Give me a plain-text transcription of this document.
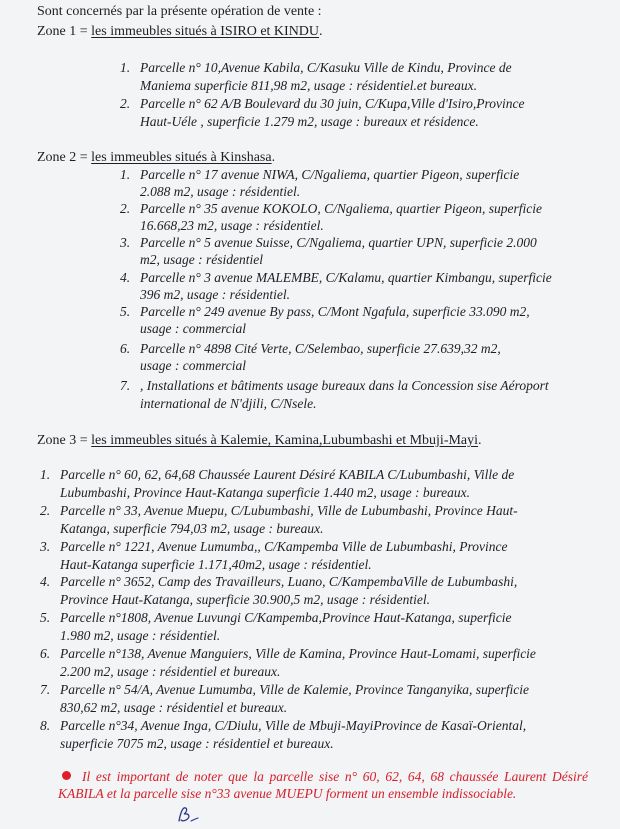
Sont concernés par la présente opération de vente :
Zone 1 = les immeubles situés à ISIRO et KINDU.
1. Parcelle n° 10,Avenue Kabila, C/Kasuku Ville de Kindu, Province de
Maniema superficie 811,98 m2, usage : résidentiel.et bureaux.
2. Parcelle n° 62 A/B Boulevard du 30 juin, C/Kupa,Ville d'Isiro,Province
Haut-Uéle , superficie 1.279 m2, usage : bureaux et résidence.
Zone 2 = les immeubles situés à Kinshasa.
1. Parcelle n° 17 avenue NIWA, C/Ngaliema, quartier Pigeon, superficie
2.088 m2, usage : résidentiel.
2. Parcelle n° 35 avenue KOKOLO, C/Ngaliema, quartier Pigeon, superficie
16.668,23 m2, usage : résidentiel.
3. Parcelle n° 5 avenue Suisse, C/Ngaliema, quartier UPN, superficie 2.000
m2, usage : résidentiel
4. Parcelle n° 3 avenue MALEMBE, C/Kalamu, quartier Kimbangu, superficie
396 m2, usage : résidentiel.
5. Parcelle n° 249 avenue By pass, C/Mont Ngafula, superficie 33.090 m2,
usage : commercial
6. Parcelle n° 4898 Cité Verte, C/Selembao, superficie 27.639,32 m2,
usage : commercial
7. , Installations et bâtiments usage bureaux dans la Concession sise Aéroport
international de N'djili, C/Nsele.
Zone 3 = les immeubles situés à Kalemie, Kamina,Lubumbashi et Mbuji-Mayi.
1. Parcelle n° 60, 62, 64,68 Chaussée Laurent Désiré KABILA C/Lubumbashi, Ville de
Lubumbashi, Province Haut-Katanga superficie 1.440 m2, usage : bureaux.
2. Parcelle n° 33, Avenue Muepu, C/Lubumbashi, Ville de Lubumbashi, Province Haut-
Katanga, superficie 794,03 m2, usage : bureaux.
3. Parcelle n° 1221, Avenue Lumumba,, C/Kampemba Ville de Lubumbashi, Province
Haut-Katanga superficie 1.171,40m2, usage : résidentiel.
4. Parcelle n° 3652, Camp des Travailleurs, Luano, C/KampembaVille de Lubumbashi,
Province Haut-Katanga, superficie 30.900,5 m2, usage : résidentiel.
5. Parcelle n°1808, Avenue Luvungi C/Kampemba,Province Haut-Katanga, superficie
1.980 m2, usage : résidentiel.
6. Parcelle n°138, Avenue Manguiers, Ville de Kamina, Province Haut-Lomami, superficie
2.200 m2, usage : résidentiel et bureaux.
7. Parcelle n° 54/A, Avenue Lumumba, Ville de Kalemie, Province Tanganyika, superficie
830,62 m2, usage : résidentiel et bureaux.
8. Parcelle n°34, Avenue Inga, C/Diulu, Ville de Mbuji-MayiProvince de Kasaï-Oriental,
superficie 7075 m2, usage : résidentiel et bureaux.
Il est important de noter que la parcelle sise n° 60, 62, 64, 68 chaussée Laurent Désiré KABILA et la parcelle sise n°33 avenue MUEPU forment un ensemble indissociable.
